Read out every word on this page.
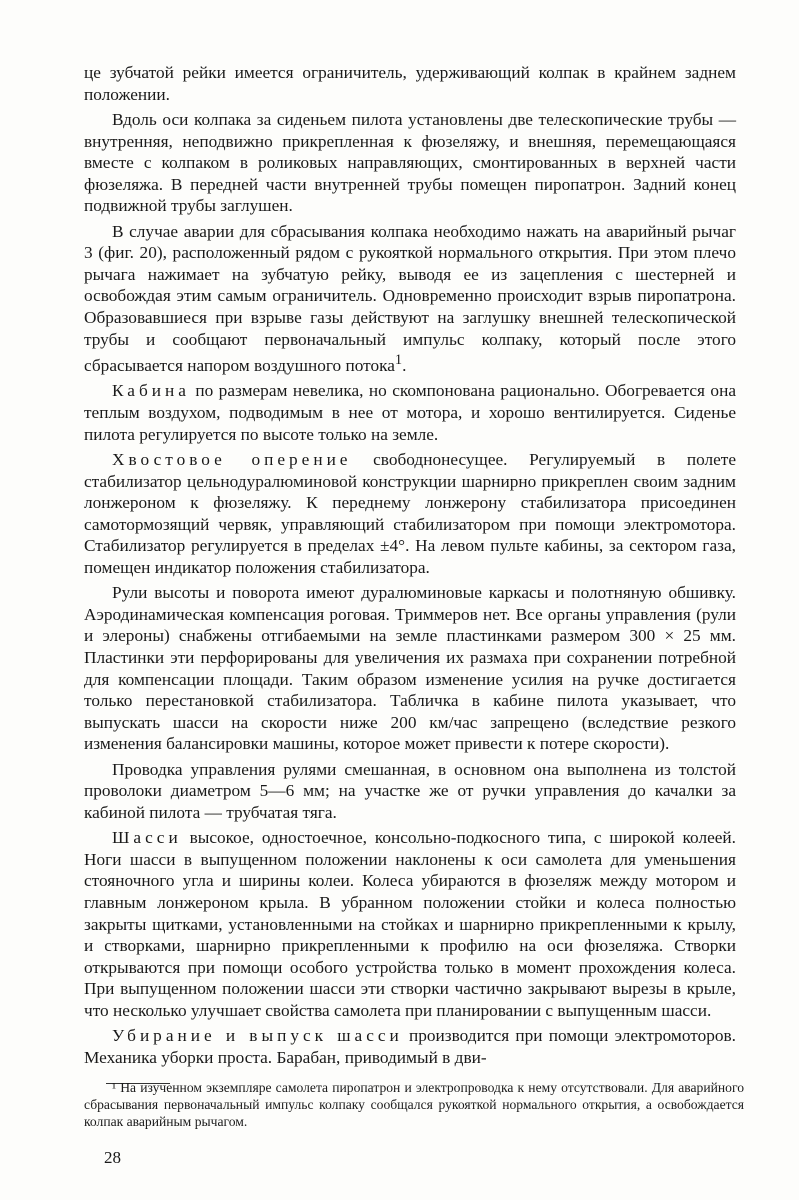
це зубчатой рейки имеется ограничитель, удерживающий колпак в крайнем заднем положении.

Вдоль оси колпака за сиденьем пилота установлены две телескопические трубы — внутренняя, неподвижно прикрепленная к фюзеляжу, и внешняя, перемещающаяся вместе с колпаком в роликовых направляющих, смонтированных в верхней части фюзеляжа. В передней части внутренней трубы помещен пиропатрон. Задний конец подвижной трубы заглушен.

В случае аварии для сбрасывания колпака необходимо нажать на аварийный рычаг 3 (фиг. 20), расположенный рядом с рукояткой нормального открытия. При этом плечо рычага нажимает на зубчатую рейку, выводя ее из зацепления с шестерней и освобождая этим самым ограничитель. Одновременно происходит взрыв пиропатрона. Образовавшиеся при взрыве газы действуют на заглушку внешней телескопической трубы и сообщают первоначальный импульс колпаку, который после этого сбрасывается напором воздушного потока$^1$.

Кабина по размерам невелика, но скомпонована рационально. Обогревается она теплым воздухом, подводимым в нее от мотора, и хорошо вентилируется. Сиденье пилота регулируется по высоте только на земле.

Хвостовое оперение свободнонесущее. Регулируемый в полете стабилизатор цельнодуралюминовой конструкции шарнирно прикреплен своим задним лонжероном к фюзеляжу. К переднему лонжерону стабилизатора присоединен самотормозящий червяк, управляющий стабилизатором при помощи электромотора. Стабилизатор регулируется в пределах ±4°. На левом пульте кабины, за сектором газа, помещен индикатор положения стабилизатора.

Рули высоты и поворота имеют дуралюминовые каркасы и полотняную обшивку. Аэродинамическая компенсация роговая. Триммеров нет. Все органы управления (рули и элероны) снабжены отгибаемыми на земле пластинками размером 300 × 25 мм. Пластинки эти перфорированы для увеличения их размаха при сохранении потребной для компенсации площади. Таким образом изменение усилия на ручке достигается только перестановкой стабилизатора. Табличка в кабине пилота указывает, что выпускать шасси на скорости ниже 200 км/час запрещено (вследствие резкого изменения балансировки машины, которое может привести к потере скорости).

Проводка управления рулями смешанная, в основном она выполнена из толстой проволоки диаметром 5—6 мм; на участке же от ручки управления до качалки за кабиной пилота — трубчатая тяга.

Шасси высокое, одностоечное, консольно-подкосного типа, с широкой колеей. Ноги шасси в выпущенном положении наклонены к оси самолета для уменьшения стояночного угла и ширины колеи. Колеса убираются в фюзеляж между мотором и главным лонжероном крыла. В убранном положении стойки и колеса полностью закрыты щитками, установленными на стойках и шарнирно прикрепленными к крылу, и створками, шарнирно прикрепленными к профилю на оси фюзеляжа. Створки открываются при помощи особого устройства только в момент прохождения колеса. При выпущенном положении шасси эти створки частично закрывают вырезы в крыле, что несколько улучшает свойства самолета при планировании с выпущенным шасси.

Убирание и выпуск шасси производится при помощи электромоторов. Механика уборки проста. Барабан, приводимый в дви-

¹ На изученном экземпляре самолета пиропатрон и электропроводка к нему отсутствовали. Для аварийного сбрасывания первоначальный импульс колпаку сообщался рукояткой нормального открытия, а освобождается колпак аварийным рычагом.

28
